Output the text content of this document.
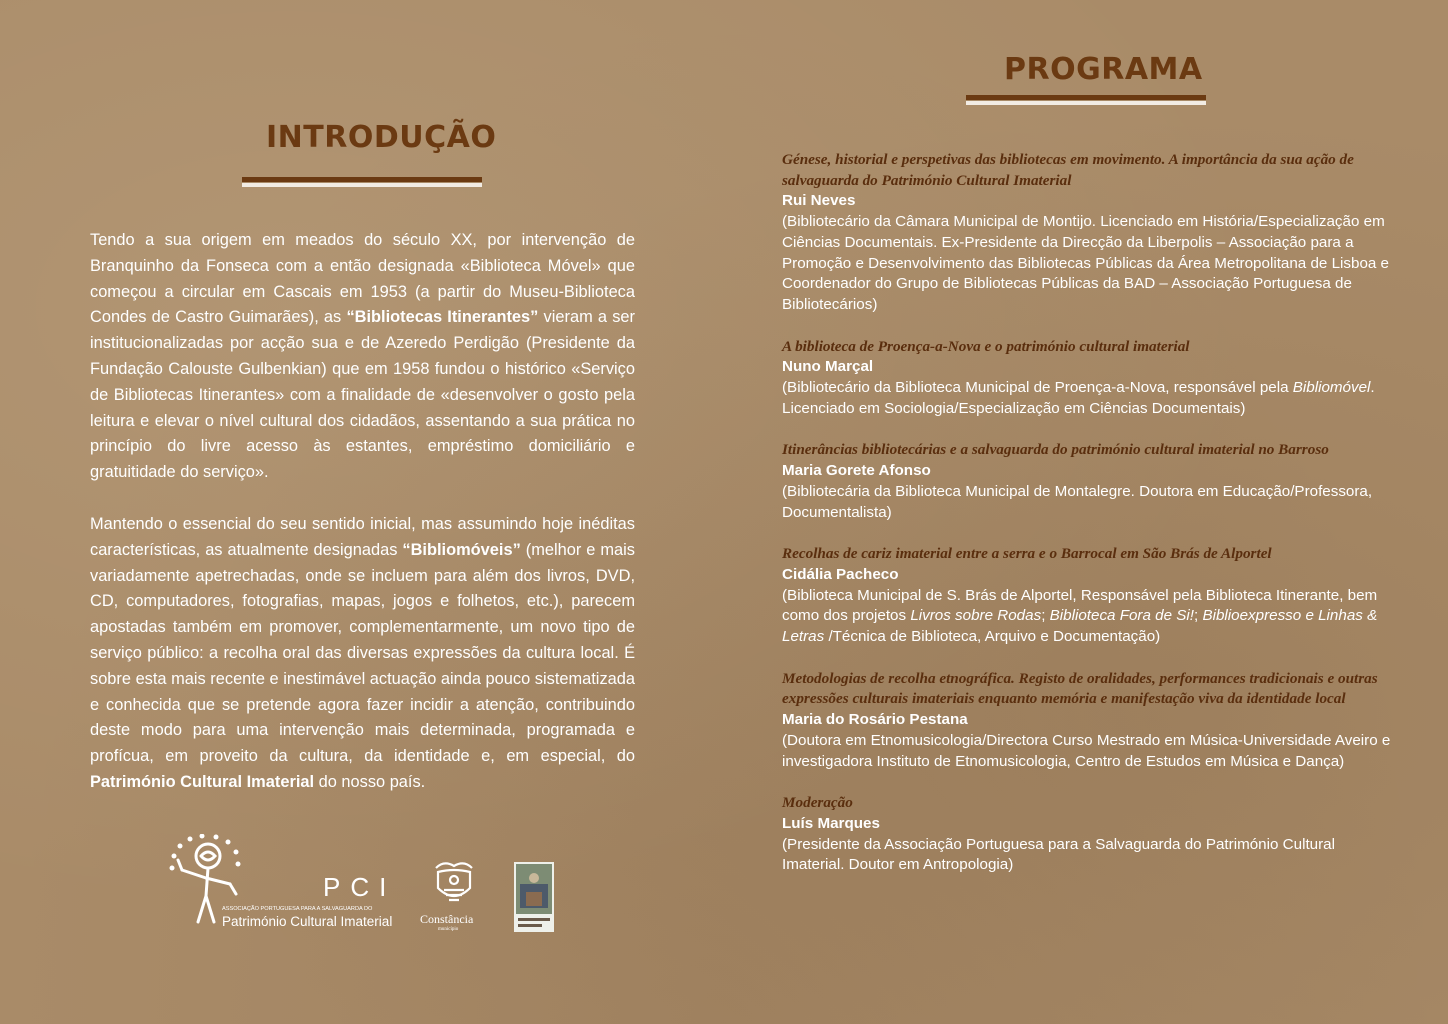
INTRODUÇÃO

Tendo a sua origem em meados do século XX, por intervenção de Branquinho da Fonseca com a então designada «Biblioteca Móvel» que começou a circular em Cascais em 1953 (a partir do Museu-Biblioteca Condes de Castro Guimarães), as “Bibliotecas Itinerantes” vieram a ser institucionalizadas por acção sua e de Azeredo Perdigão (Presidente da Fundação Calouste Gulbenkian) que em 1958 fundou o histórico «Serviço de Bibliotecas Itinerantes» com a finalidade de «desenvolver o gosto pela leitura e elevar o nível cultural dos cidadãos, assentando a sua prática no princípio do livre acesso às estantes, empréstimo domiciliário e gratuitidade do serviço».

Mantendo o essencial do seu sentido inicial, mas assumindo hoje inéditas características, as atualmente designadas “Bibliomóveis” (melhor e mais variadamente apetrechadas, onde se incluem para além dos livros, DVD, CD, computadores, fotografias, mapas, jogos e folhetos, etc.), parecem apostadas também em promover, complementarmente, um novo tipo de serviço público: a recolha oral das diversas expressões da cultura local. É sobre esta mais recente e inestimável actuação ainda pouco sistematizada e conhecida que se pretende agora fazer incidir a atenção, contribuindo deste modo para uma intervenção mais determinada, programada e profícua, em proveito da cultura, da identidade e, em especial, do Património Cultural Imaterial do nosso país.

PROGRAMA
Génese, historial e perspetivas das bibliotecas em movimento. A importância da sua ação de salvaguarda do Património Cultural Imaterial
Rui Neves
(Bibliotecário da Câmara Municipal de Montijo. Licenciado em História/Especialização em Ciências Documentais. Ex-Presidente da Direcção da Liberpolis – Associação para a Promoção e Desenvolvimento das Bibliotecas Públicas da Área Metropolitana de Lisboa e Coordenador do Grupo de Bibliotecas Públicas da BAD – Associação Portuguesa de Bibliotecários)
A biblioteca de Proença-a-Nova e o património cultural imaterial
Nuno Marçal
(Bibliotecário da Biblioteca Municipal de Proença-a-Nova, responsável pela Bibliomóvel. Licenciado em Sociologia/Especialização em Ciências Documentais)
Itinerâncias bibliotecárias e a salvaguarda do património cultural imaterial no Barroso
Maria Gorete Afonso
(Bibliotecária da Biblioteca Municipal de Montalegre. Doutora em Educação/Professora, Documentalista)
Recolhas de cariz imaterial entre a serra e o Barrocal em São Brás de Alportel
Cidália Pacheco
(Biblioteca Municipal de S. Brás de Alportel, Responsável pela Biblioteca Itinerante, bem como dos projetos Livros sobre Rodas; Biblioteca Fora de Si!; Biblioexpresso e Linhas & Letras /Técnica de Biblioteca, Arquivo e Documentação)
Metodologias de recolha etnográfica. Registo de oralidades, performances tradicionais e outras expressões culturais imateriais enquanto memória e manifestação viva da identidade local
Maria do Rosário Pestana
(Doutora em Etnomusicologia/Directora Curso Mestrado em Música-Universidade Aveiro e investigadora Instituto de Etnomusicologia, Centro de Estudos em Música e Dança)
Moderação
Luís Marques
(Presidente da Associação Portuguesa para a Salvaguarda do Património Cultural Imaterial. Doutor em Antropologia)
PCI
ASSOCIAÇÃO PORTUGUESA PARA A SALVAGUARDA DO
Património Cultural Imaterial Constância
município
